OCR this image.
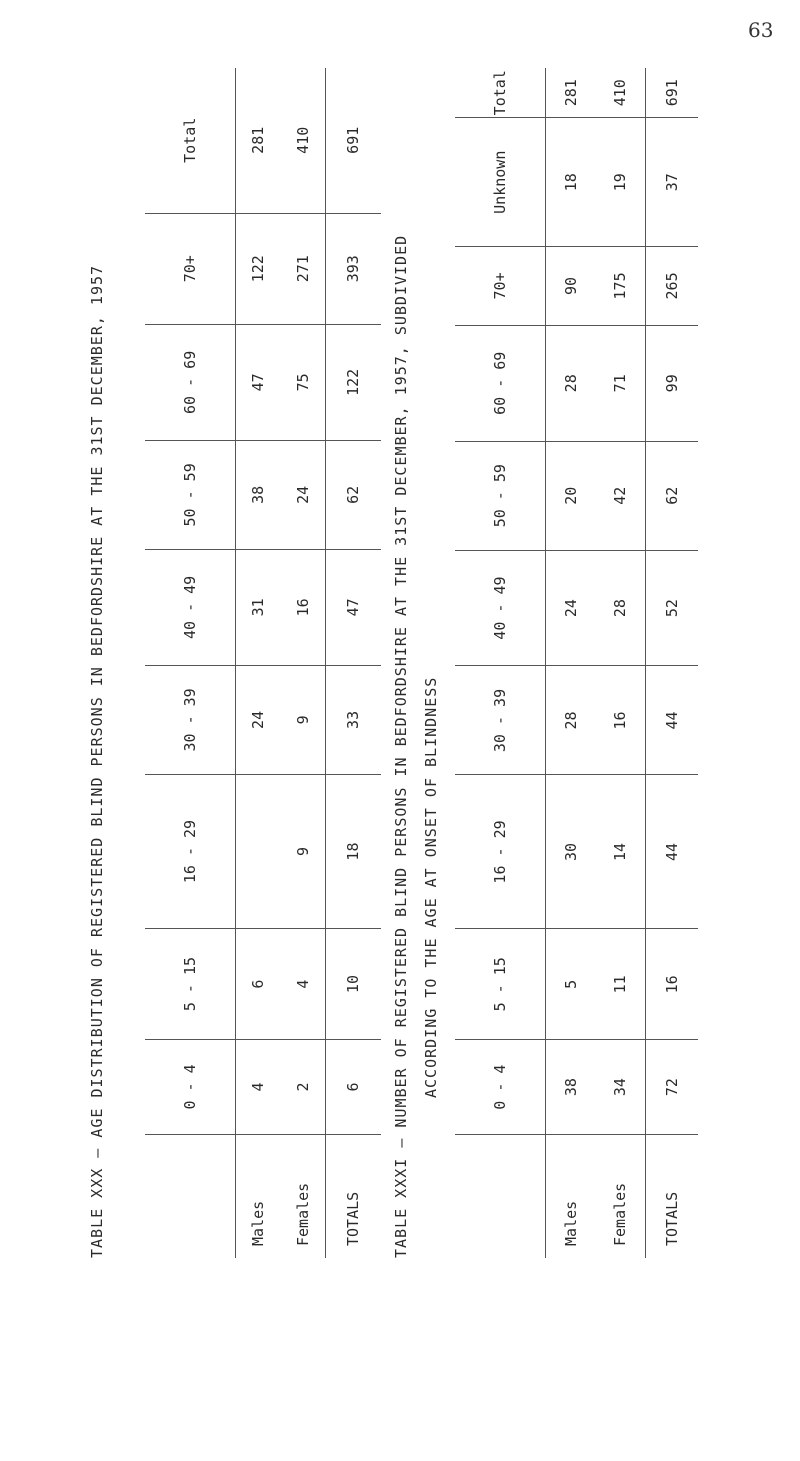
63
TABLE XXX — AGE DISTRIBUTION OF REGISTERED BLIND PERSONS IN BEDFORDSHIRE AT THE 31ST DECEMBER, 1957
		0 - 4	5 - 15	16 - 29	30 - 39	40 - 49	50 - 59	60 - 69	70+	Total
Males	4	6		24	31	38	47	122	281
Females	2	4	9	9	16	24	75	271	410
TOTALS	6	10	18	33	47	62	122	393	691
TABLE XXXI — NUMBER OF REGISTERED BLIND PERSONS IN BEDFORDSHIRE AT THE 31ST DECEMBER, 1957, SUBDIVIDED ACCORDING TO THE AGE AT ONSET OF BLINDNESS
		0 - 4	5 - 15	16 - 29	30 - 39	40 - 49	50 - 59	60 - 69	70+	Unknown	Total
Males	38	5	30	28	24	20	28	90	18	281
Females	34	11	14	16	28	42	71	175	19	410
TOTALS	72	16	44	44	52	62	99	265	37	691
